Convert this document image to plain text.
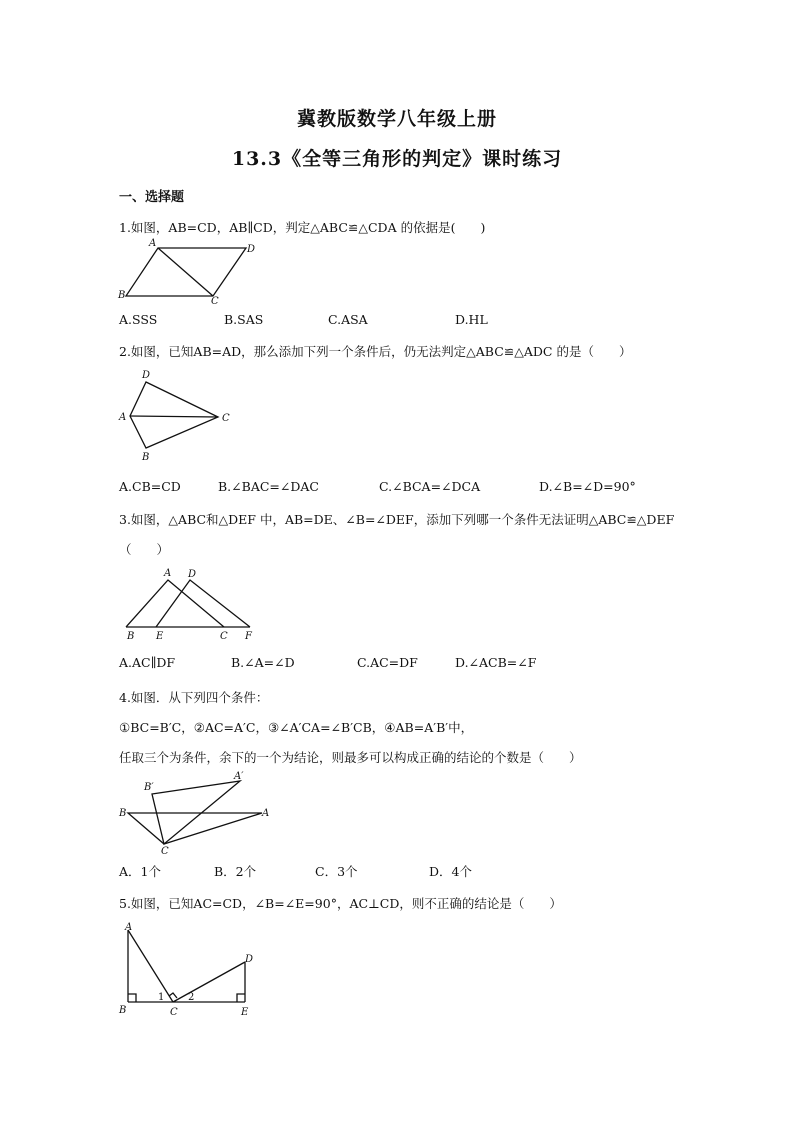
冀教版数学八年级上册
13.3《全等三角形的判定》课时练习
一、选择题
1.如图，AB=CD，AB∥CD，判定△ABC≌△CDA 的依据是(　　)
A
D
B
C
A.SSS	B.SAS	C.ASA	D.HL
2.如图，已知AB=AD，那么添加下列一个条件后，仍无法判定△ABC≌△ADC 的是（　　）
D
A	C
B
A.CB=CD	B.∠BAC=∠DAC	C.∠BCA=∠DCA	D.∠B=∠D=90°
3.如图，△ABC和△DEF 中，AB=DE、∠B=∠DEF，添加下列哪一个条件无法证明△ABC≌△DEF
（　　）
A D
B E	C F
A.AC∥DF	B.∠A=∠D	C.AC=DF	D.∠ACB=∠F
4.如图．从下列四个条件：
①BC=B′C，②AC=A′C，③∠A′CA=∠B′CB，④AB=A′B′中，
任取三个为条件，余下的一个为结论，则最多可以构成正确的结论的个数是（　　）
B′
A′
B	A
C
A．1个	B．2个	C．3个	D．4个
5.如图，已知AC=CD，∠B=∠E=90°，AC⊥CD，则不正确的结论是（　　）
A
D
B
1 2
C	E
